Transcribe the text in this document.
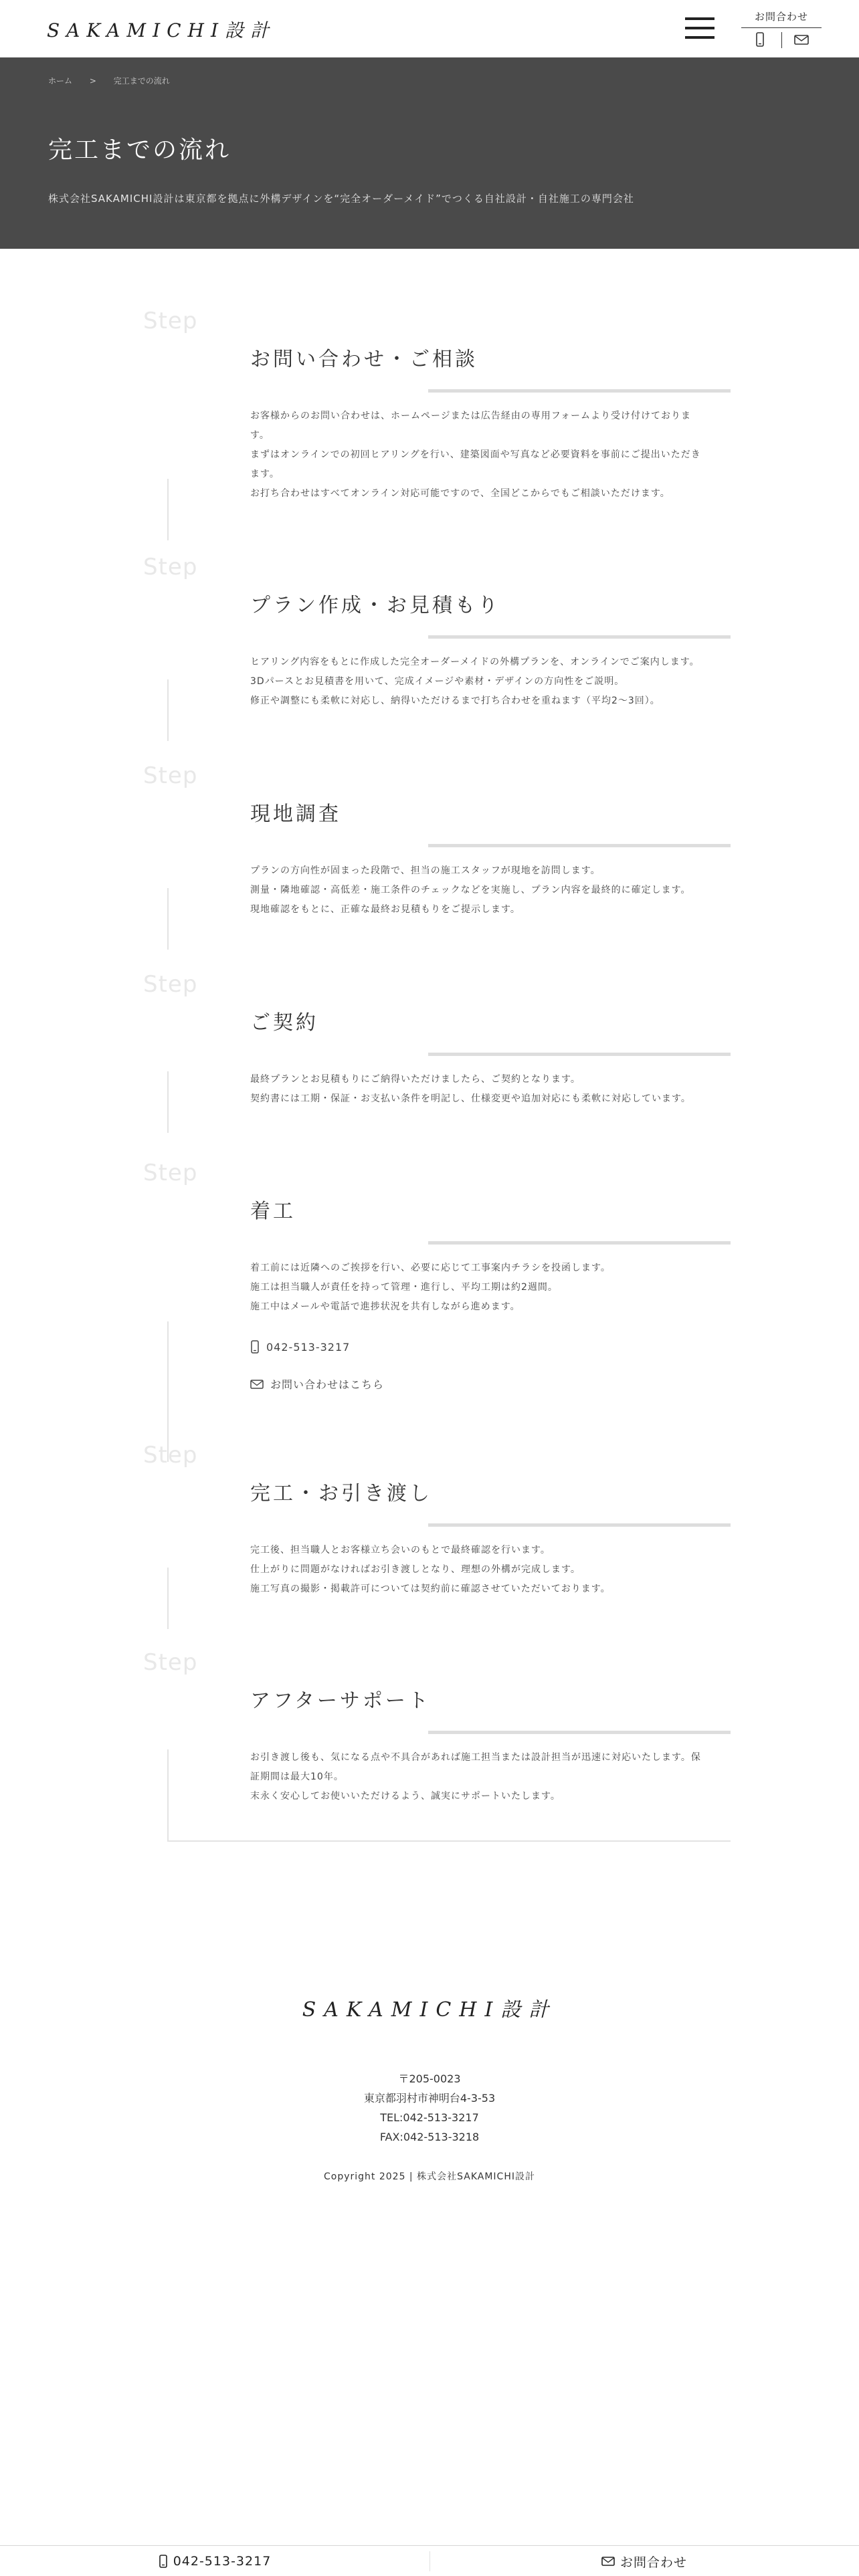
SAKAMICHI設計
お問合わせ
ホーム > 完工までの流れ
完工までの流れ

株式会社SAKAMICHI設計は東京都を拠点に外構デザインを“完全オーダーメイド”でつくる自社設計・自社施工の専門会社

Step
お問い合わせ・ご相談
お客様からのお問い合わせは、ホームページまたは広告経由の専用フォームより受け付けておりま
す。
まずはオンラインでの初回ヒアリングを行い、建築図面や写真など必要資料を事前にご提出いただき
ます。
お打ち合わせはすべてオンライン対応可能ですので、全国どこからでもご相談いただけます。
Step
プラン作成・お見積もり
ヒアリング内容をもとに作成した完全オーダーメイドの外構プランを、オンラインでご案内します。
3Dパースとお見積書を用いて、完成イメージや素材・デザインの方向性をご説明。
修正や調整にも柔軟に対応し、納得いただけるまで打ち合わせを重ねます（平均2〜3回）。
Step
現地調査
プランの方向性が固まった段階で、担当の施工スタッフが現地を訪問します。
測量・隣地確認・高低差・施工条件のチェックなどを実施し、プラン内容を最終的に確定します。
現地確認をもとに、正確な最終お見積もりをご提示します。
Step
ご契約
最終プランとお見積もりにご納得いただけましたら、ご契約となります。
契約書には工期・保証・お支払い条件を明記し、仕様変更や追加対応にも柔軟に対応しています。
Step
着工
着工前には近隣へのご挨拶を行い、必要に応じて工事案内チラシを投函します。
施工は担当職人が責任を持って管理・進行し、平均工期は約2週間。
施工中はメールや電話で進捗状況を共有しながら進めます。
042-513-3217
お問い合わせはこちら
Step
完工・お引き渡し
完工後、担当職人とお客様立ち会いのもとで最終確認を行います。
仕上がりに問題がなければお引き渡しとなり、理想の外構が完成します。
施工写真の撮影・掲載許可については契約前に確認させていただいております。
Step
アフターサポート
お引き渡し後も、気になる点や不具合があれば施工担当または設計担当が迅速に対応いたします。保
証期間は最大10年。
末永く安心してお使いいただけるよう、誠実にサポートいたします。
SAKAMICHI設計
〒205-0023
東京都羽村市神明台4-3-53
TEL:042-513-3217
FAX:042-513-3218
Copyright 2025 | 株式会社SAKAMICHI設計
042-513-3217	お問合わせ
